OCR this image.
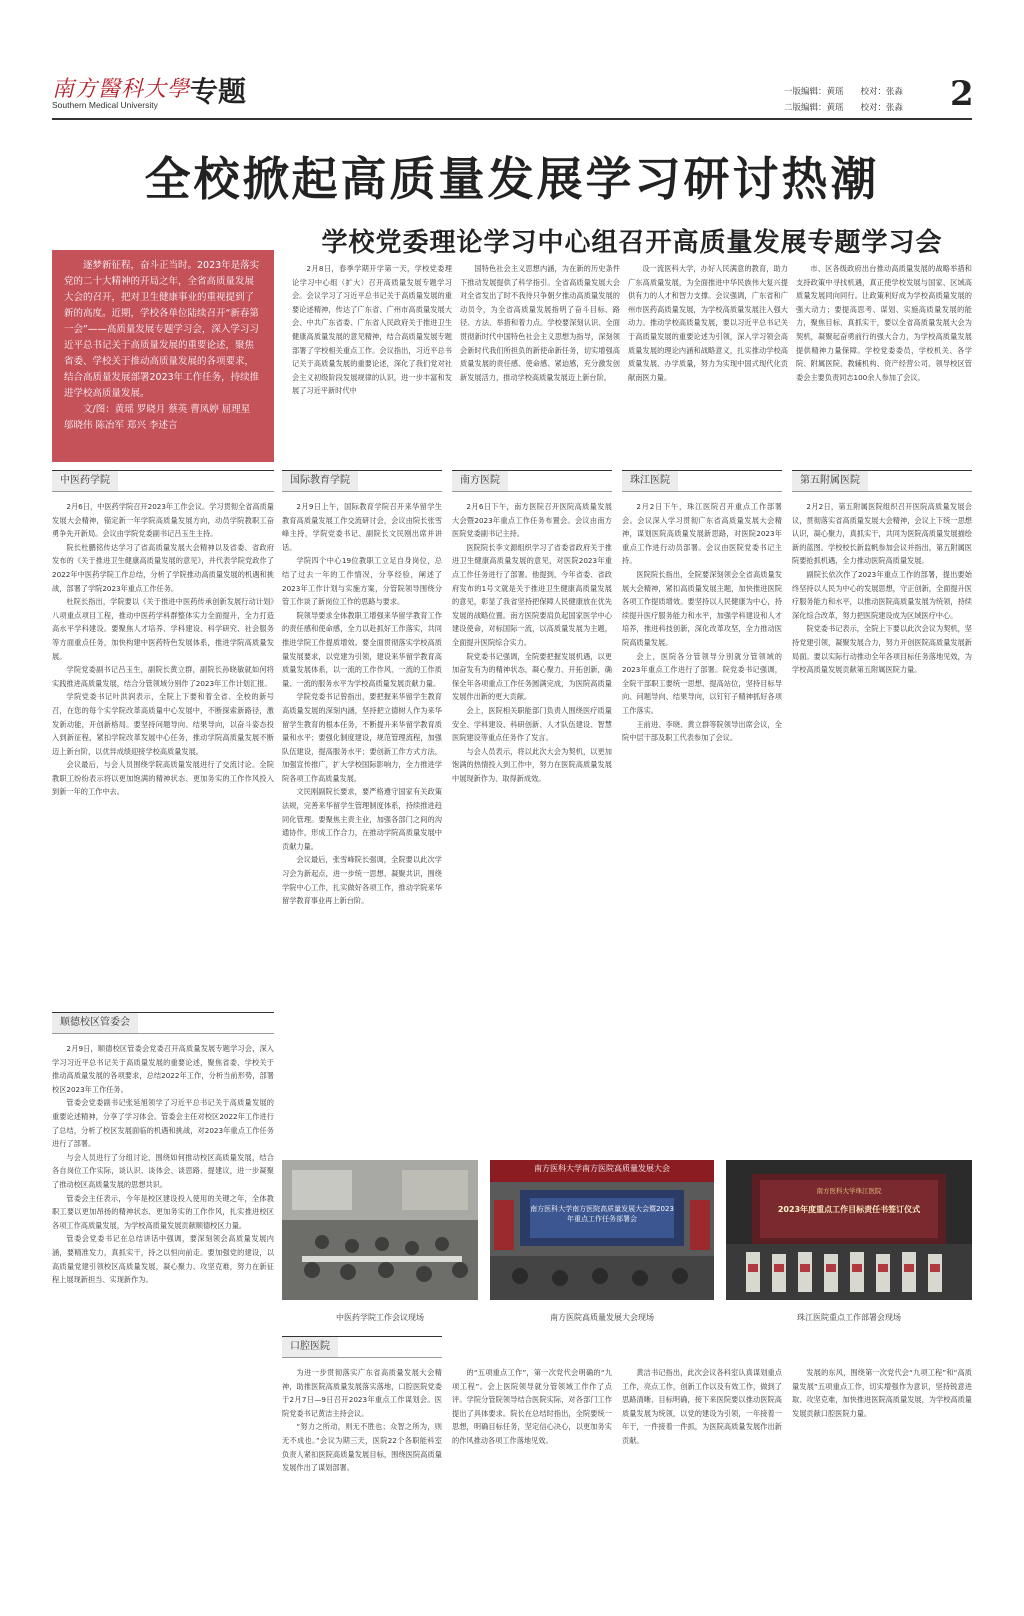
南方醫科大學
Southern Medical University 专题	一版编辑：黄瑶　　校对：张淼
二版编辑：黄瑶　　校对：张淼 2
全校掀起高质量发展学习研讨热潮
学校党委理论学习中心组召开高质量发展专题学习会

逐梦新征程，奋斗正当时。2023年是落实党的二十大精神的开局之年，全省高质量发展大会的召开，把对卫生健康事业的重视提到了新的高度。近期，学校各单位陆续召开“新春第一会”——高质量发展专题学习会，深入学习习近平总书记关于高质量发展的重要论述，聚焦省委、学校关于推动高质量发展的各项要求，结合高质量发展部署2023年工作任务，持续推进学校高质量发展。

文/图：黄瑶 罗晓月 蔡英 曹凤婷 屈理星 邬晓伟 陈冶军 郑兴 李述言

2月8日，春季学期开学第一天，学校党委理论学习中心组（扩大）召开高质量发展专题学习会。会议学习了习近平总书记关于高质量发展的重要论述精神，传达了广东省、广州市高质量发展大会、中共广东省委、广东省人民政府关于推进卫生健康高质量发展的意见精神，结合高质量发展专题部署了学校相关重点工作。会议指出，习近平总书记关于高质量发展的重要论述，深化了我们党对社会主义初级阶段发展规律的认识，进一步丰富和发展了习近平新时代中

国特色社会主义思想内涵，为在新的历史条件下推动发展提供了科学指引。全省高质量发展大会对全省发出了时不我待只争朝夕推动高质量发展的动员令，为全省高质量发展指明了奋斗目标、路径、方法、举措和着力点。学校要深刻认识、全面贯彻新时代中国特色社会主义思想为指导，深刻领会新时代我们所担负的新使命新任务，切实增强高质量发展的责任感、使命感、紧迫感，充分激发创新发展活力，推动学校高质量发展迈上新台阶。

设一流医科大学，办好人民满意的教育，助力广东高质量发展，为全面推进中华民族伟大复兴提供有力的人才和智力支撑。会议强调，广东省和广州市医药高质量发展，为学校高质量发展注入强大动力。推动学校高质量发展，要以习近平总书记关于高质量发展的重要论述为引领，深入学习领会高质量发展的理论内涵和战略意义，扎实推动学校高质量发展、办学质量，努力为实现中国式现代化贡献南医力量。

市、区各级政府出台推动高质量发展的战略举措和支持政策中寻找机遇，真正使学校发展与国家、区域高质量发展同向同行。让政策利好成为学校高质量发展的强大动力；要提高思考、谋划、实施高质量发展的能力，聚焦目标、真抓实干，要以全省高质量发展大会为契机，凝聚起奋勇前行的强大合力，为学校高质量发展提供精神力量保障。学校党委委员，学校机关、各学院、附属医院、教辅机构、资产经营公司、领导校区管委会主要负责同志100余人参加了会议。

中医药学院

2月6日，中医药学院召开2023年工作会议。学习贯彻全省高质量发展大会精神，锚定新一年学院高质量发展方向，动员学院教职工奋勇争先开新局。会议由学院党委副书记吕玉生主持。

院长杜鹏铭传达学习了省高质量发展大会精神以及省委、省政府发布的《关于推进卫生健康高质量发展的意见》，并代表学院党政作了2022年中医药学院工作总结，分析了学院推动高质量发展的机遇和挑战，部署了学院2023年重点工作任务。

杜院长指出，学院要以《关于推进中医药传承创新发展行动计划》八项重点项目工程，推动中医药学科群整体实力全面提升，全力打造高水平学科建设。要聚焦人才培养、学科建设、科学研究、社会服务等方面重点任务，加快构建中医药特色发展体系，推进学院高质量发展。

学院党委副书记吕玉生，副院长黄立群，副院长孙晓敏就如何将实践推进高质量发展，结合分管领域分别作了2023年工作计划汇报。

学院党委书记叶洪润表示，全院上下要和着全省、全校的新号召，在您的每个实学院改革高质量中心发展中，不断探索新路径，激发新动能，开创新格局。要坚持问题导向、结果导向，以奋斗姿态投入到新征程，紧扣学院改革发展中心任务，推动学院高质量发展不断迈上新台阶，以优异成绩迎接学校高质量发展。

会议最后，与会人员围绕学院高质量发展进行了交流讨论。全院教职工纷纷表示将以更加饱满的精神状态、更加务实的工作作风投入到新一年的工作中去。

顺德校区管委会

2月9日，顺德校区管委会党委召开高质量发展专题学习会，深入学习习近平总书记关于高质量发展的重要论述，聚焦省委、学校关于推动高质量发展的各项要求，总结2022年工作，分析当前形势，部署校区2023年工作任务。

管委会党委副书记张延旭领学了习近平总书记关于高质量发展的重要论述精神，分享了学习体会。管委会主任对校区2022年工作进行了总结，分析了校区发展面临的机遇和挑战，对2023年重点工作任务进行了部署。

与会人员进行了分组讨论，围绕如何推动校区高质量发展，结合各自岗位工作实际，谈认识、谈体会、谈思路、提建议，进一步凝聚了推动校区高质量发展的思想共识。

管委会主任表示，今年是校区建设投入使用的关键之年，全体教职工要以更加昂扬的精神状态、更加务实的工作作风，扎实推进校区各项工作高质量发展，为学校高质量发展贡献顺德校区力量。

管委会党委书记在总结讲话中强调，要深刻领会高质量发展内涵，要精准发力，真抓实干，持之以恒向前走。要加强党的建设，以高质量党建引领校区高质量发展，凝心聚力、攻坚克难，努力在新征程上展现新担当、实现新作为。

国际教育学院

2月9日上午，国际教育学院召开来华留学生教育高质量发展工作交流研讨会，会议由院长张雪峰主持，学院党委书记、副院长文民刚出席并讲话。

学院四个中心19位教职工立足自身岗位，总结了过去一年的工作情况，分享经验，阐述了2023年工作计划与实施方案，分管院领导围绕分管工作谈了新岗位工作的思路与要求。

院领导要求全体教职工增强来华留学教育工作的责任感和使命感，全力以赴抓好工作落实，共同推进学院工作提质增效。要全面贯彻落实学校高质量发展要求，以党建为引领，建设来华留学教育高质量发展体系，以一流的工作作风、一流的工作质量、一流的服务水平为学校高质量发展贡献力量。

学院党委书记曾指出，要把握来华留学生教育高质量发展的深刻内涵，坚持把立德树人作为来华留学生教育的根本任务，不断提升来华留学教育质量和水平；要强化制度建设，规范管理流程，加强队伍建设，提高服务水平；要创新工作方式方法，加强宣传推广，扩大学校国际影响力，全力推进学院各项工作高质量发展。

文民刚副院长要求，要严格遵守国家有关政策法规，完善来华留学生管理制度体系，持续推进趋同化管理。要聚焦主责主业，加强各部门之间的沟通协作，形成工作合力，在推动学院高质量发展中贡献力量。

会议最后，张雪峰院长强调，全院要以此次学习会为新起点，进一步统一思想、凝聚共识，围绕学院中心工作，扎实做好各项工作，推动学院来华留学教育事业再上新台阶。

南方医院

2月6日下午，南方医院召开医院高质量发展大会暨2023年重点工作任务布置会。会议由南方医院党委副书记主持。

医院院长李文源组织学习了省委省政府关于推进卫生健康高质量发展的意见，对医院2023年重点工作任务进行了部署。他提到，今年省委、省政府发布的1号文就是关于推进卫生健康高质量发展的意见，彰显了我省坚持把保障人民健康放在优先发展的战略位置。南方医院要肩负起国家医学中心建设使命，对标国际一流，以高质量发展为主题，全面提升医院综合实力。

院党委书记强调，全院要把握发展机遇，以更加奋发有为的精神状态，凝心聚力、开拓创新，确保全年各项重点工作任务圆满完成，为医院高质量发展作出新的更大贡献。

会上，医院相关职能部门负责人围绕医疗质量安全、学科建设、科研创新、人才队伍建设、智慧医院建设等重点任务作了发言。

与会人员表示，将以此次大会为契机，以更加饱满的热情投入到工作中，努力在医院高质量发展中展现新作为、取得新成效。

珠江医院

2月2日下午，珠江医院召开重点工作部署会。会议深入学习贯彻广东省高质量发展大会精神，谋划医院高质量发展新思路，对医院2023年重点工作进行动员部署。会议由医院党委书记主持。

医院院长指出，全院要深刻领会全省高质量发展大会精神，紧扣高质量发展主题，加快推进医院各项工作提质增效。要坚持以人民健康为中心，持续提升医疗服务能力和水平，加强学科建设和人才培养，推进科技创新，深化改革攻坚，全力推动医院高质量发展。

会上，医院各分管领导分别就分管领域的2023年重点工作进行了部署。院党委书记强调，全院干部职工要统一思想、提高站位，坚持目标导向、问题导向、结果导向，以钉钉子精神抓好各项工作落实。

王前进、李晓、黄立群等院领导出席会议，全院中层干部及职工代表参加了会议。

第五附属医院

2月2日，第五附属医院组织召开医院高质量发展会议，贯彻落实省高质量发展大会精神，会议上下统一思想认识，凝心聚力，真抓实干，共同为医院高质量发展描绘新的蓝图。学校校长新监帆参加会议并指出，第五附属医院要抢抓机遇，全力推动医院高质量发展。

副院长依次作了2023年重点工作的部署，提出要始终坚持以人民为中心的发展思想，守正创新，全面提升医疗服务能力和水平，以推动医院高质量发展为统领，持续深化综合改革，努力把医院建设成为区域医疗中心。

院党委书记表示，全院上下要以此次会议为契机，坚持党建引领，凝聚发展合力，努力开创医院高质量发展新局面。要以实际行动推动全年各项目标任务落地见效，为学校高质量发展贡献第五附属医院力量。

中医药学院工作会议现场
南方医科大学南方医院高质量发展大会
南方医科大学南方医院高质量发展大会暨2023年重点工作任务部署会
南方医院高质量发展大会现场
南方医科大学珠江医院
2023年度重点工作目标责任书签订仪式
珠江医院重点工作部署会现场
口腔医院

为进一步贯彻落实广东省高质量发展大会精神，助推医院高质量发展落实落地，口腔医院党委于2月7日—9日召开2023年重点工作谋划会。医院党委书记黄洁主持会议。

“努力之所动，则无不胜也；众智之所为，则无不成也。”会议为期三天，医院22个各职能科室负责人紧扣医院高质量发展目标，围绕医院高质量发展作出了谋划部署。

的“五项重点工作”，第一次党代会明确的“九项工程”。会上医院领导就分管领域工作作了点评。学院分管院领导结合医院实际，对各部门工作提出了具体要求。院长在总结时指出，全院要统一思想，明确目标任务，坚定信心决心，以更加务实的作风推动各项工作落地见效。

黄洁书记指出，此次会议各科室认真谋划重点工作，亮点工作，创新工作以及有效工作，做到了思路清晰、目标明确，接下来医院要以推动医院高质量发展为统领，以党的建设为引领，一年接着一年干，一件接着一件抓，为医院高质量发展作出新贡献。

发展的东风，围绕第一次党代会“九项工程”和“高质量发展”五项重点工作，切实增强作为意识，坚持锐意进取、攻坚克难，加快推进医院高质量发展，为学校高质量发展贡献口腔医院力量。
